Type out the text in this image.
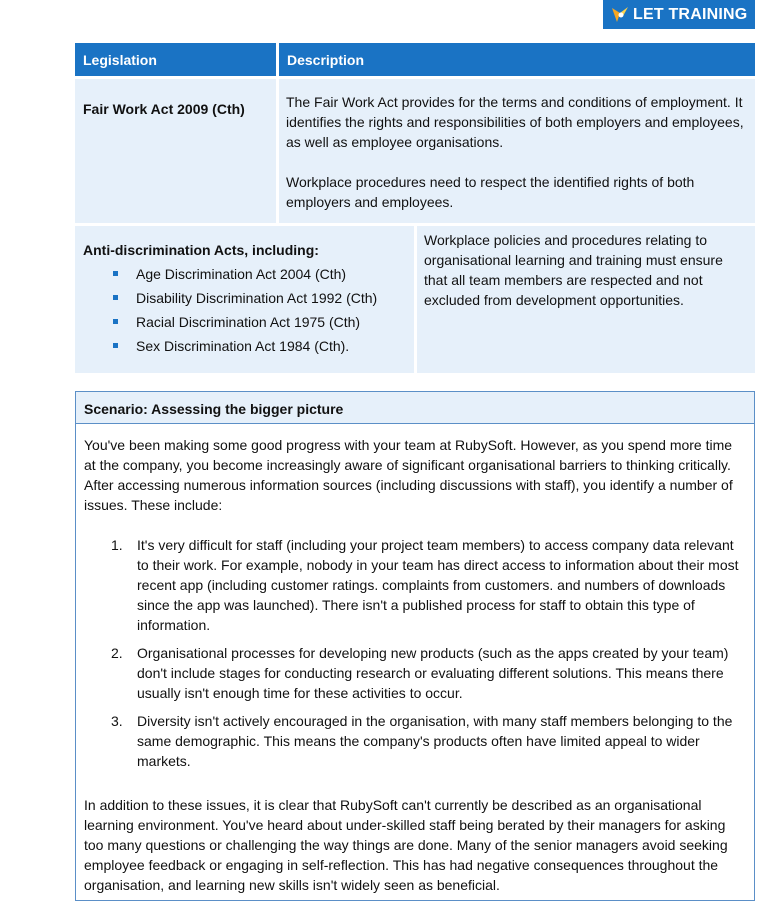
LET TRAINING
Legislation	Description
Fair Work Act 2009 (Cth)	The Fair Work Act provides for the terms and conditions of employment. It identifies the rights and responsibilities of both employers and employees, as well as employee organisations.

Workplace procedures need to respect the identified rights of both employers and employees.

Anti-discrimination Acts, including:

Age Discrimination Act 2004 (Cth)
Disability Discrimination Act 1992 (Cth)
Racial Discrimination Act 1975 (Cth)
Sex Discrimination Act 1984 (Cth).

Workplace policies and procedures relating to organisational learning and training must ensure that all team members are respected and not excluded from development opportunities.

Scenario: Assessing the bigger picture

You've been making some good progress with your team at RubySoft. However, as you spend more time at the company, you become increasingly aware of significant organisational barriers to thinking critically. After accessing numerous information sources (including discussions with staff), you identify a number of issues. These include:

1. It's very difficult for staff (including your project team members) to access company data relevant to their work. For example, nobody in your team has direct access to information about their most recent app (including customer ratings. complaints from customers. and numbers of downloads since the app was launched). There isn't a published process for staff to obtain this type of information.
2. Organisational processes for developing new products (such as the apps created by your team) don't include stages for conducting research or evaluating different solutions. This means there usually isn't enough time for these activities to occur.
3. Diversity isn't actively encouraged in the organisation, with many staff members belonging to the same demographic. This means the company's products often have limited appeal to wider markets.

In addition to these issues, it is clear that RubySoft can't currently be described as an organisational learning environment. You've heard about under-skilled staff being berated by their managers for asking too many questions or challenging the way things are done. Many of the senior managers avoid seeking employee feedback or engaging in self-reflection. This has had negative consequences throughout the organisation, and learning new skills isn't widely seen as beneficial.
